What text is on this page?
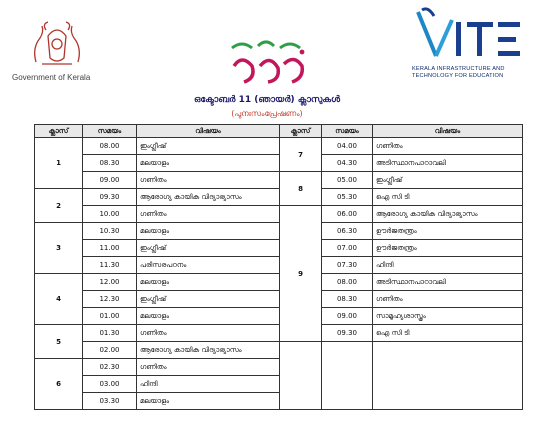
Government of Kerala
KERALA INFRASTRUCTURE AND
TECHNOLOGY FOR EDUCATION
ഒക്ടോബർ 11 (ഞായർ) ക്ലാസുകൾ
(പുനഃസംപ്രേഷണം)
ക്ലാസ്	സമയം	വിഷയം	ക്ലാസ്	സമയം	വിഷയം
1	08.00	ഇംഗ്ലീഷ്	7	04.00	ഗണിതം
	08.30	മലയാളം		04.30	അടിസ്ഥാനപാഠാവലി
	09.00	ഗണിതം	8	05.00	ഇംഗ്ലീഷ്
2	09.30	ആരോഗ്യ കായിക വിദ്യാഭ്യാസം		05.30	ഐ സി ടി
	10.00	ഗണിതം	9	06.00	ആരോഗ്യ കായിക വിദ്യാഭ്യാസം
3	10.30	മലയാളം		06.30	ഊർജതന്ത്രം
	11.00	ഇംഗ്ലീഷ്		07.00	ഊർജതന്ത്രം
	11.30	പരിസരപഠനം		07.30	ഹിന്ദി
4	12.00	മലയാളം		08.00	അടിസ്ഥാനപാഠാവലി
	12.30	ഇംഗ്ലീഷ്		08.30	ഗണിതം
	01.00	മലയാളം		09.00	സാമൂഹ്യശാസ്ത്രം
5	01.30	ഗണിതം		09.30	ഐ സി ടി
	02.00	ആരോഗ്യ കായിക വിദ്യാഭ്യാസം			
6	02.30	ഗണിതം			
	03.00	ഹിന്ദി			
	03.30	മലയാളം			
